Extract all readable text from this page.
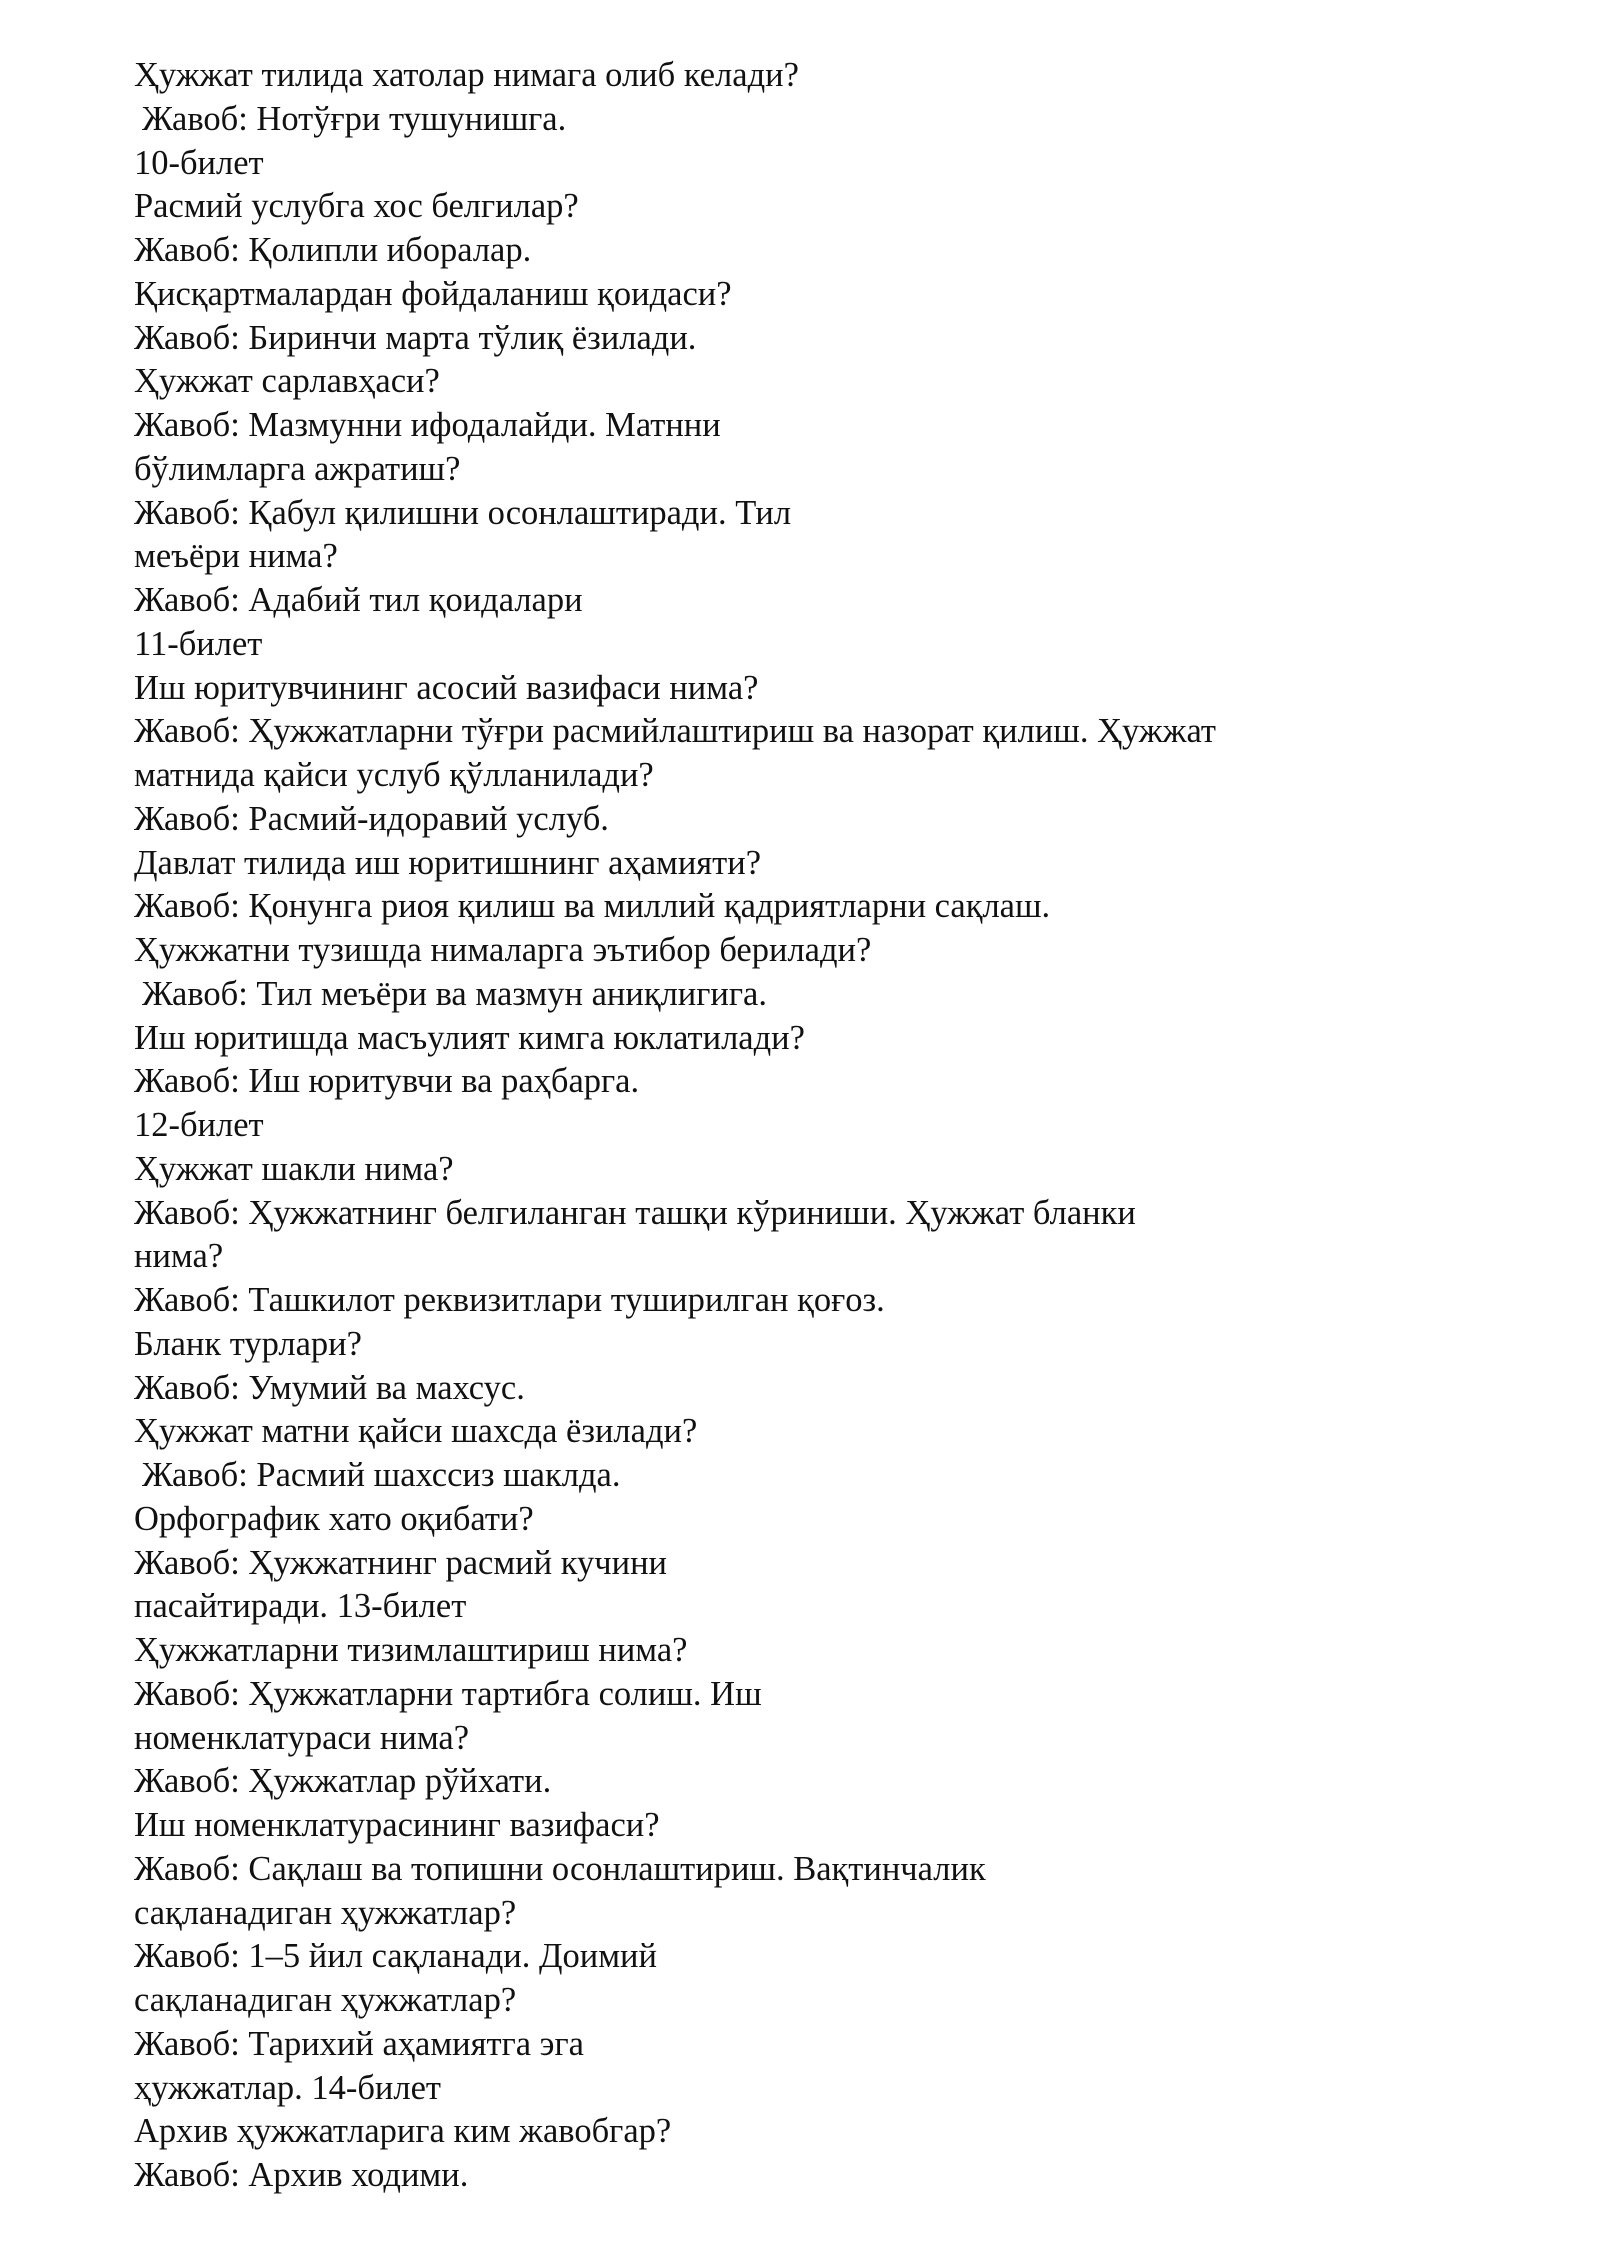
Ҳужжат тилида хатолар нимага олиб келади?
Жавоб: Нотўғри тушунишга.
10-билет
Расмий услубга хос белгилар?
Жавоб: Қолипли иборалар.
Қисқартмалардан фойдаланиш қоидаси?
Жавоб: Биринчи марта тўлиқ ёзилади.
Ҳужжат сарлавҳаси?
Жавоб: Мазмунни ифодалайди. Матнни
бўлимларга ажратиш?
Жавоб: Қабул қилишни осонлаштиради. Тил
меъёри нима?
Жавоб: Адабий тил қоидалари
11-билет
Иш юритувчининг асосий вазифаси нима?
Жавоб: Ҳужжатларни тўғри расмийлаштириш ва назорат қилиш. Ҳужжат
матнида қайси услуб қўлланилади?
Жавоб: Расмий-идоравий услуб.
Давлат тилида иш юритишнинг аҳамияти?
Жавоб: Қонунга риоя қилиш ва миллий қадриятларни сақлаш.
Ҳужжатни тузишда нималарга эътибор берилади?
Жавоб: Тил меъёри ва мазмун аниқлигига.
Иш юритишда масъулият кимга юклатилади?
Жавоб: Иш юритувчи ва раҳбарга.
12-билет
Ҳужжат шакли нима?
Жавоб: Ҳужжатнинг белгиланган ташқи кўриниши. Ҳужжат бланки
нима?
Жавоб: Ташкилот реквизитлари туширилган қоғоз.
Бланк турлари?
Жавоб: Умумий ва махсус.
Ҳужжат матни қайси шахсда ёзилади?
Жавоб: Расмий шахссиз шаклда.
Орфографик хато оқибати?
Жавоб: Ҳужжатнинг расмий кучини
пасайтиради. 13-билет
Ҳужжатларни тизимлаштириш нима?
Жавоб: Ҳужжатларни тартибга солиш. Иш
номенклатураси нима?
Жавоб: Ҳужжатлар рўйхати.
Иш номенклатурасининг вазифаси?
Жавоб: Сақлаш ва топишни осонлаштириш. Вақтинчалик
сақланадиган ҳужжатлар?
Жавоб: 1–5 йил сақланади. Доимий
сақланадиган ҳужжатлар?
Жавоб: Тарихий аҳамиятга эга
ҳужжатлар. 14-билет
Архив ҳужжатларига ким жавобгар?
Жавоб: Архив ходими.
